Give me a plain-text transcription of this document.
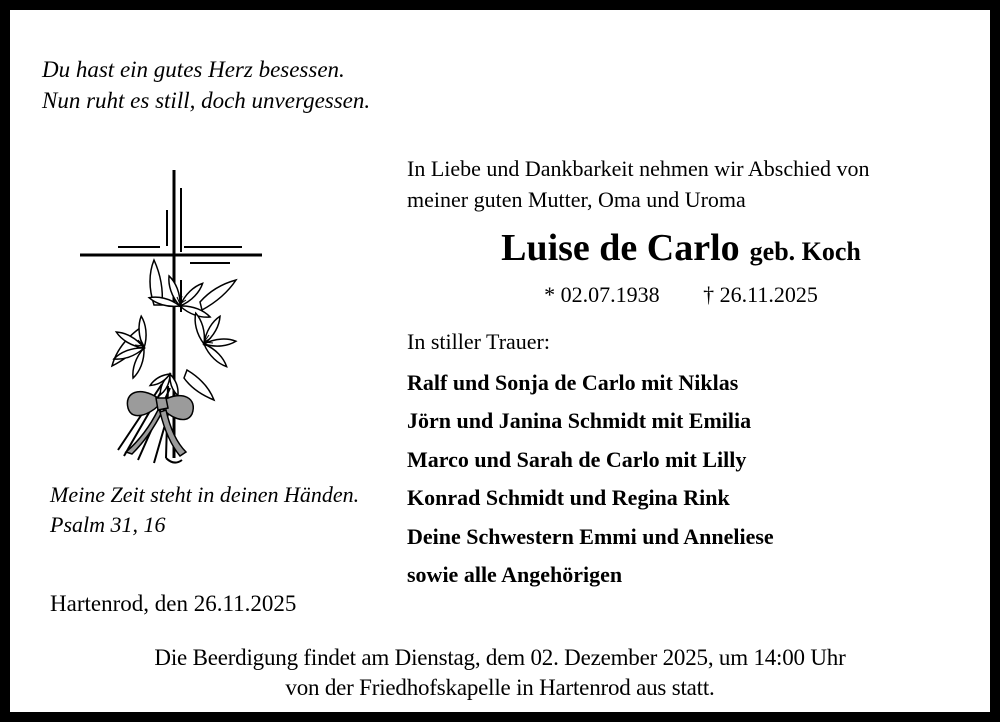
Du hast ein gutes Herz besessen.
Nun ruht es still, doch unvergessen.
In Liebe und Dankbarkeit nehmen wir Abschied von
meiner guten Mutter, Oma und Uroma
Luise de Carlo geb. Koch
* 02.07.1938 † 26.11.2025
In stiller Trauer:
Ralf und Sonja de Carlo mit Niklas
Jörn und Janina Schmidt mit Emilia
Marco und Sarah de Carlo mit Lilly
Konrad Schmidt und Regina Rink
Deine Schwestern Emmi und Anneliese
sowie alle Angehörigen
Meine Zeit steht in deinen Händen.
Psalm 31, 16
Hartenrod, den 26.11.2025
Die Beerdigung findet am Dienstag, dem 02. Dezember 2025, um 14:00 Uhr
von der Friedhofskapelle in Hartenrod aus statt.
